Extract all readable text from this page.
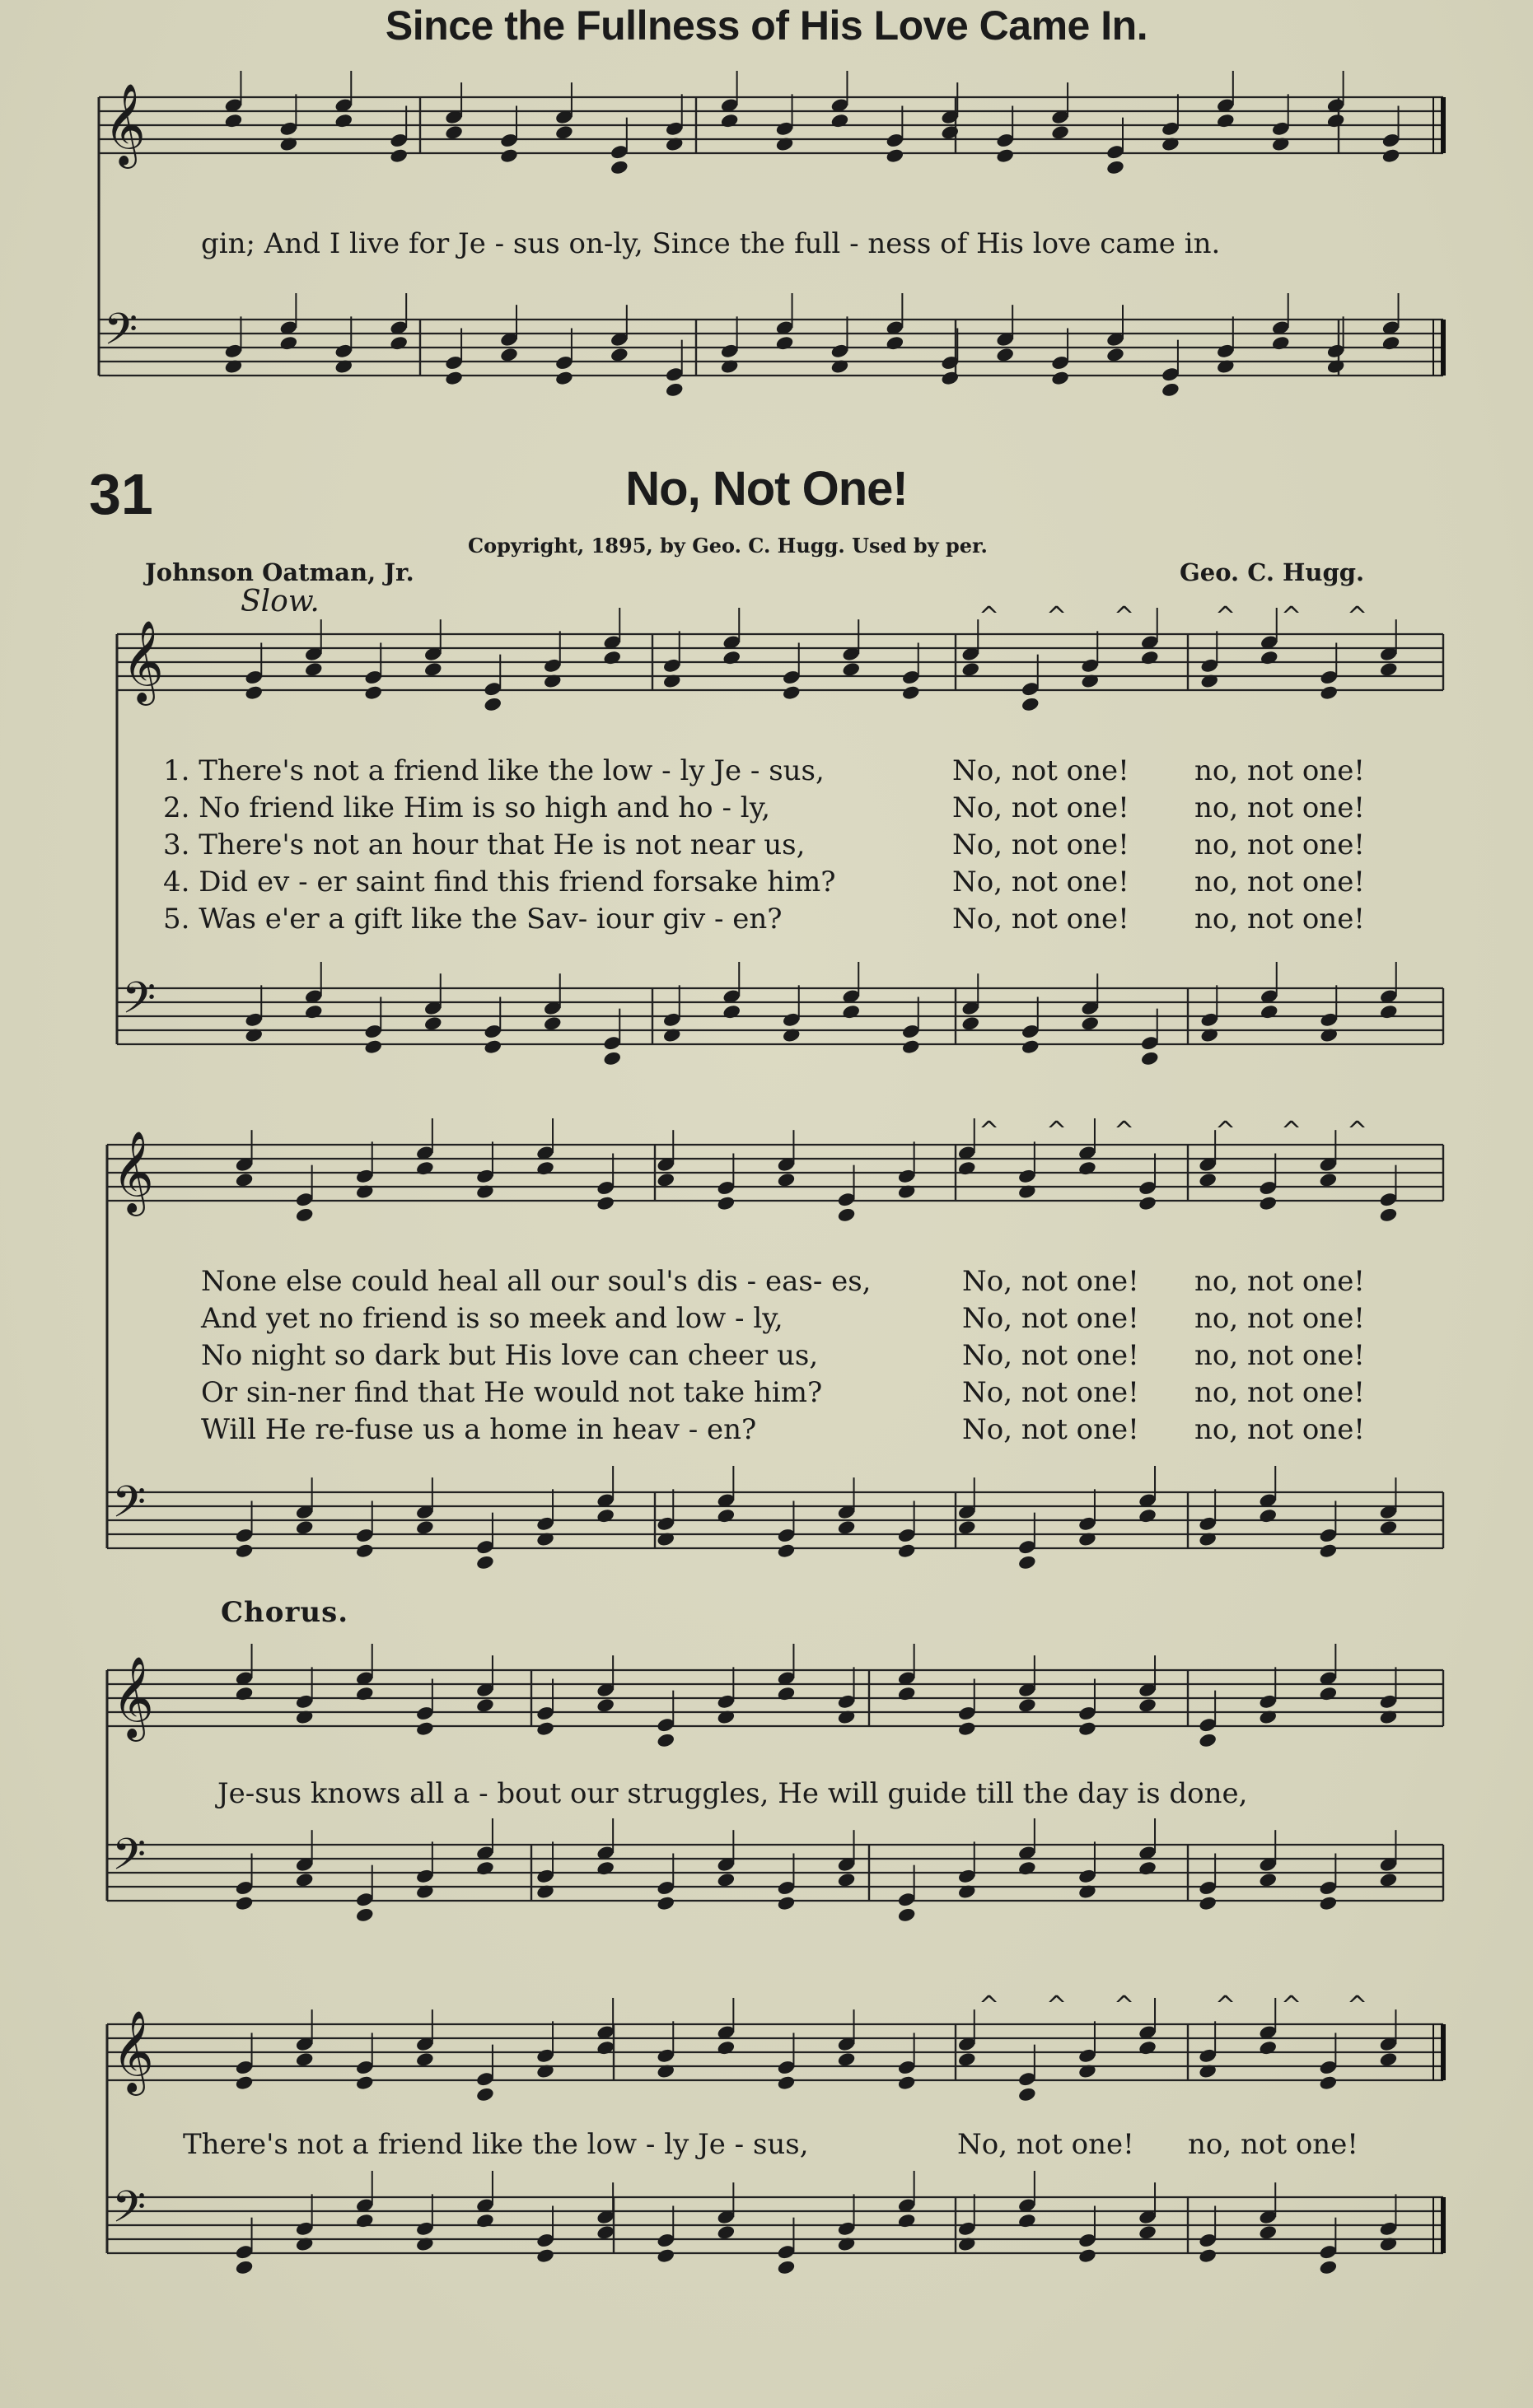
𝄞
𝄢
𝄞
𝄢
𝄞
𝄢
𝄞
𝄢
𝄞
𝄢
^ ^ ^	^ ^ ^
^ ^ ^	^ ^ ^
^ ^ ^	^ ^ ^
Since the Fullness of His Love Came In.
gin; And I live for Je - sus on-ly, Since the full - ness of His love came in.
31	No, Not One!
Copyright, 1895, by Geo. C. Hugg. Used by per.
Johnson Oatman, Jr.	Geo. C. Hugg.
Slow.
1. There's not a friend like the low - ly Je - sus,	No, not one! no, not one!
2. No friend like Him is so high and ho - ly,	No, not one! no, not one!
3. There's not an hour that He is not near us,	No, not one! no, not one!
4. Did ev - er saint find this friend forsake him?	No, not one! no, not one!
5. Was e'er a gift like the Sav- iour giv - en?	No, not one! no, not one!
None else could heal all our soul's dis - eas- es,	No, not one! no, not one!
And yet no friend is so meek and low - ly,	No, not one! no, not one!
No night so dark but His love can cheer us,	No, not one! no, not one!
Or sin-ner find that He would not take him?	No, not one! no, not one!
Will He re-fuse us a home in heav - en?	No, not one! no, not one!
Chorus.
Je-sus knows all a - bout our struggles, He will guide till the day is done,
There's not a friend like the low - ly Je - sus,	No, not one! no, not one!
